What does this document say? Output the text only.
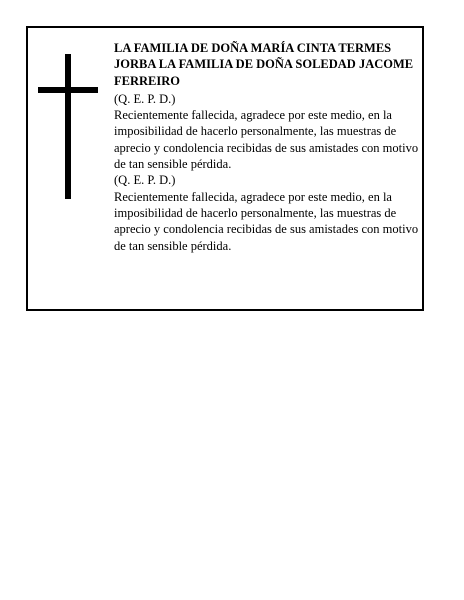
LA FAMILIA DE DOÑA MARÍA CINTA TERMES JORBA LA FAMILIA DE DOÑA SOLEDAD JACOME FERREIRO

(Q. E. P. D.)

Recientemente fallecida, agradece por este medio, en la imposibilidad de hacerlo personalmente, las muestras de aprecio y condolencia recibidas de sus amistades con motivo de tan sensible pérdida.

(Q. E. P. D.)

Recientemente fallecida, agradece por este medio, en la imposibilidad de hacerlo personalmente, las muestras de aprecio y condolencia recibidas de sus amistades con motivo de tan sensible pérdida.
